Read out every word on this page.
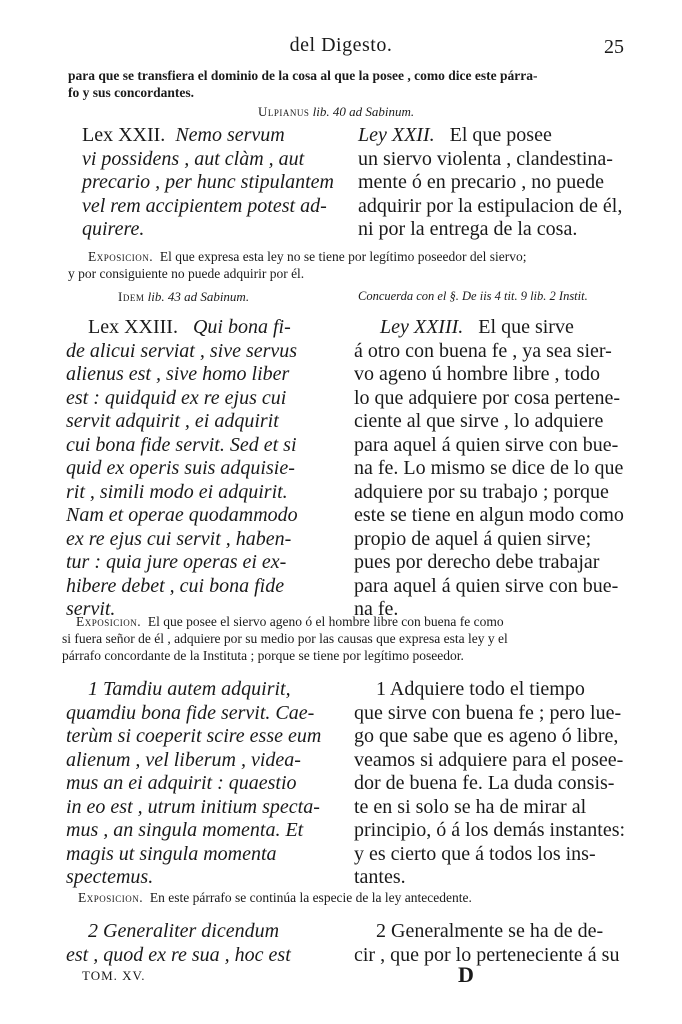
del Digesto.	25
para que se transfiera el dominio de la cosa al que la posee , como dice este párra-
fo y sus concordantes.
Ulpianus lib. 40 ad Sabinum.
Lex XXII. Nemo servum
vi possidens , aut clàm , aut
precario , per hunc stipulantem
vel rem accipientem potest ad-
quirere.
Ley XXII. El que posee
un siervo violenta , clandestina-
mente ó en precario , no puede
adquirir por la estipulacion de él,
ni por la entrega de la cosa.
Exposicion. El que expresa esta ley no se tiene por legítimo poseedor del siervo;
y por consiguiente no puede adquirir por él.
Idem lib. 43 ad Sabinum.	Concuerda con el §. De iis 4 tit. 9 lib. 2 Instit.
Lex XXIII. Qui bona fi-
de alicui serviat , sive servus
alienus est , sive homo liber
est : quidquid ex re ejus cui
servit adquirit , ei adquirit
cui bona fide servit. Sed et si
quid ex operis suis adquisie-
rit , simili modo ei adquirit.
Nam et operae quodammodo
ex re ejus cui servit , haben-
tur : quia jure operas ei ex-
hibere debet , cui bona fide
servit.
Ley XXIII. El que sirve
á otro con buena fe , ya sea sier-
vo ageno ú hombre libre , todo
lo que adquiere por cosa pertene-
ciente al que sirve , lo adquiere
para aquel á quien sirve con bue-
na fe. Lo mismo se dice de lo que
adquiere por su trabajo ; porque
este se tiene en algun modo como
propio de aquel á quien sirve;
pues por derecho debe trabajar
para aquel á quien sirve con bue-
na fe.
Exposicion. El que posee el siervo ageno ó el hombre libre con buena fe como
si fuera señor de él , adquiere por su medio por las causas que expresa esta ley y el
párrafo concordante de la Instituta ; porque se tiene por legítimo poseedor.
1 Tamdiu autem adquirit,
quamdiu bona fide servit. Cae-
terùm si coeperit scire esse eum
alienum , vel liberum , videa-
mus an ei adquirit : quaestio
in eo est , utrum initium specta-
mus , an singula momenta. Et
magis ut singula momenta
spectemus.
1 Adquiere todo el tiempo
que sirve con buena fe ; pero lue-
go que sabe que es ageno ó libre,
veamos si adquiere para el posee-
dor de buena fe. La duda consis-
te en si solo se ha de mirar al
principio, ó á los demás instantes:
y es cierto que á todos los ins-
tantes.
Exposicion. En este párrafo se continúa la especie de la ley antecedente.
2 Generaliter dicendum
est , quod ex re sua , hoc est
2 Generalmente se ha de de-
cir , que por lo perteneciente á su
TOM. XV.	D
